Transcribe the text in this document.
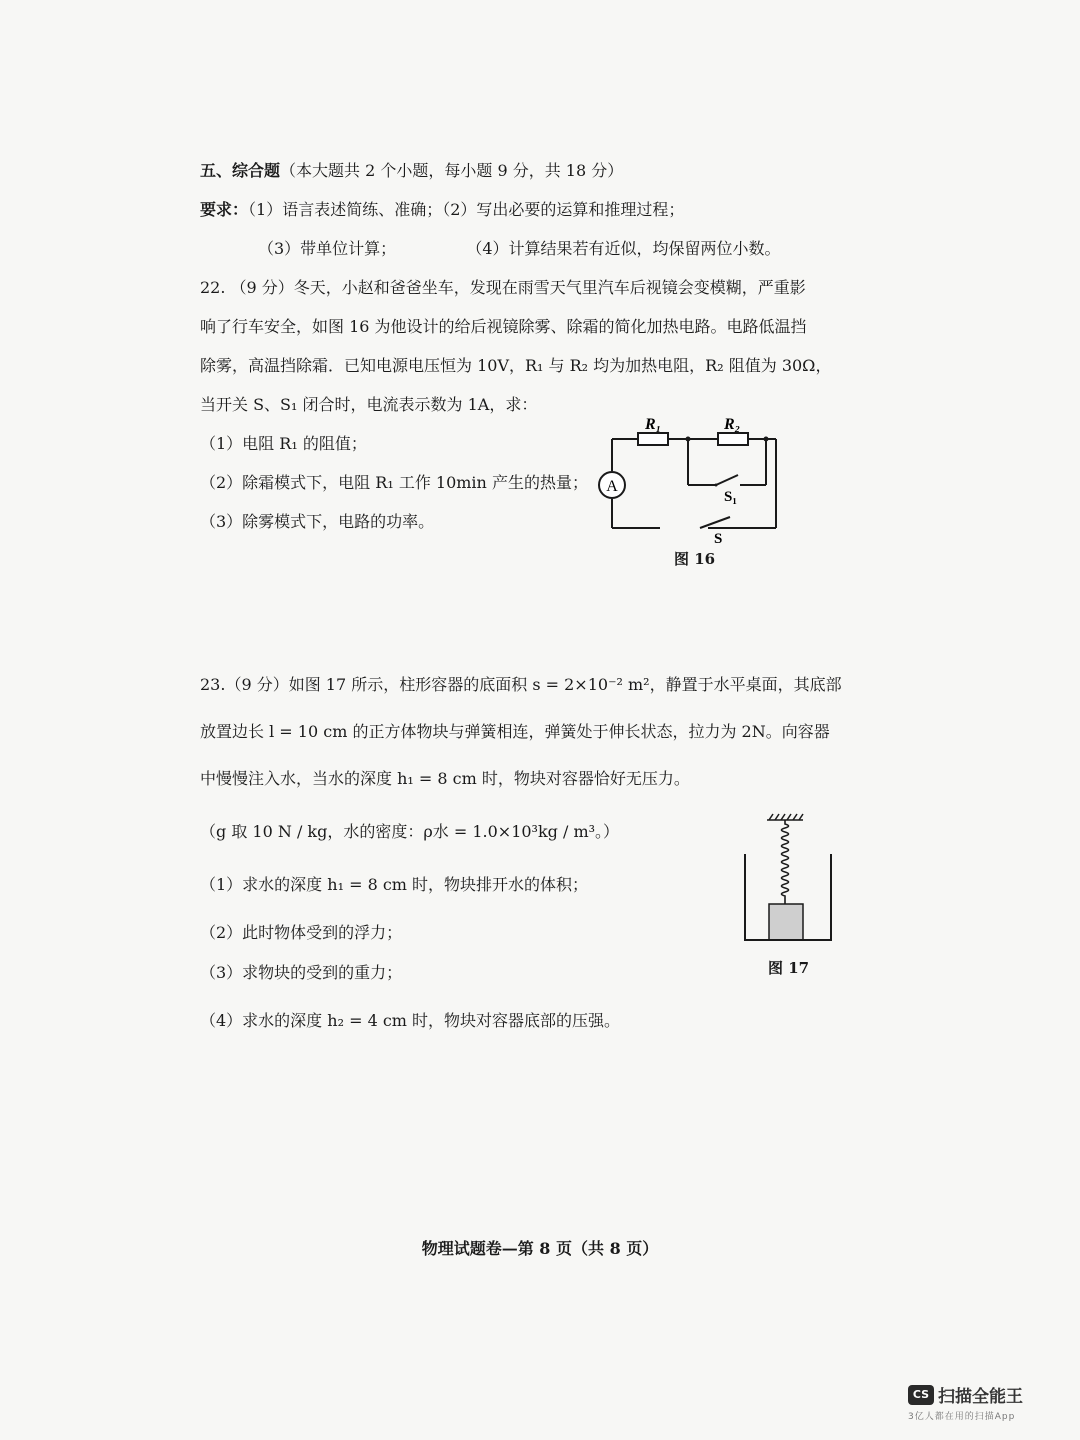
五、综合题（本大题共 2 个小题，每小题 9 分，共 18 分）
要求：（1）语言表述简练、准确；（2）写出必要的运算和推理过程；
（3）带单位计算；	（4）计算结果若有近似，均保留两位小数。
22. （9 分）冬天，小赵和爸爸坐车，发现在雨雪天气里汽车后视镜会变模糊，严重影
响了行车安全，如图 16 为他设计的给后视镜除雾、除霜的简化加热电路。电路低温挡
除雾，高温挡除霜．已知电源电压恒为 10V，R₁ 与 R₂ 均为加热电阻，R₂ 阻值为 30Ω，
当开关 S、S₁ 闭合时，电流表示数为 1A，求：
（1）电阻 R₁ 的阻值；
（2）除霜模式下，电阻 R₁ 工作 10min 产生的热量；
（3）除雾模式下，电路的功率。
A
R₁	R₂
S₁
S
图 16
23.（9 分）如图 17 所示，柱形容器的底面积 s = 2×10⁻² m²，静置于水平桌面，其底部
放置边长 l = 10 cm 的正方体物块与弹簧相连，弹簧处于伸长状态，拉力为 2N。向容器
中慢慢注入水，当水的深度 h₁ = 8 cm 时，物块对容器恰好无压力。
（g 取 10 N / kg，水的密度：ρ水 = 1.0×10³kg / m³。）
（1）求水的深度 h₁ = 8 cm 时，物块排开水的体积；
（2）此时物体受到的浮力；
（3）求物块的受到的重力；
（4）求水的深度 h₂ = 4 cm 时，物块对容器底部的压强。
图 17
物理试题卷—第 8 页（共 8 页）
CS 扫描全能王
3亿人都在用的扫描App
